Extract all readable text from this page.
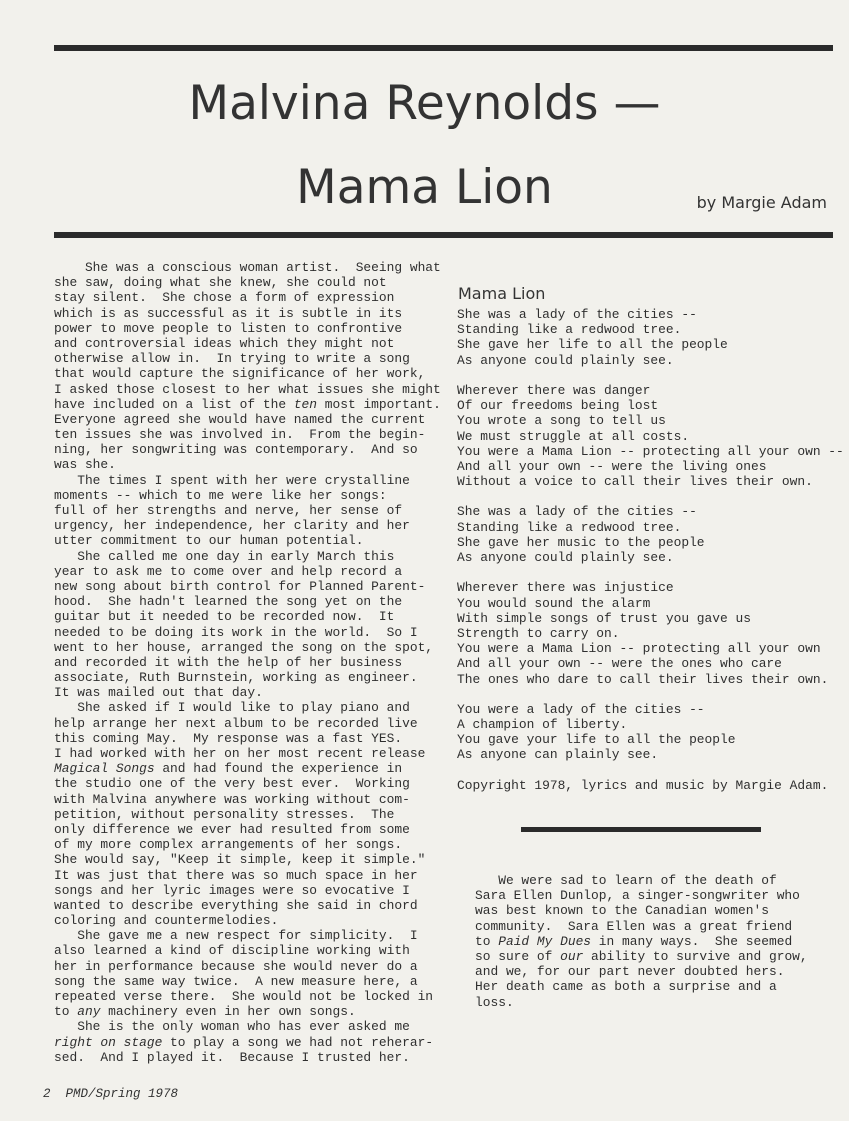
Malvina Reynolds —
Mama Lion	by Margie Adam
She was a conscious woman artist.  Seeing what
she saw, doing what she knew, she could not
stay silent.  She chose a form of expression
which is as successful as it is subtle in its
power to move people to listen to confrontive
and controversial ideas which they might not
otherwise allow in.  In trying to write a song
that would capture the significance of her work,
I asked those closest to her what issues she might
have included on a list of the ten most important.
Everyone agreed she would have named the current
ten issues she was involved in.  From the begin-
ning, her songwriting was contemporary.  And so
was she.
The times I spent with her were crystalline
moments -- which to me were like her songs:
full of her strengths and nerve, her sense of
urgency, her independence, her clarity and her
utter commitment to our human potential.
She called me one day in early March this
year to ask me to come over and help record a
new song about birth control for Planned Parent-
hood.  She hadn't learned the song yet on the
guitar but it needed to be recorded now.  It
needed to be doing its work in the world.  So I
went to her house, arranged the song on the spot,
and recorded it with the help of her business
associate, Ruth Burnstein, working as engineer.
It was mailed out that day.
She asked if I would like to play piano and
help arrange her next album to be recorded live
this coming May.  My response was a fast YES.
I had worked with her on her most recent release
Magical Songs and had found the experience in
the studio one of the very best ever.  Working
with Malvina anywhere was working without com-
petition, without personality stresses.  The
only difference we ever had resulted from some
of my more complex arrangements of her songs.
She would say, "Keep it simple, keep it simple."
It was just that there was so much space in her
songs and her lyric images were so evocative I
wanted to describe everything she said in chord
coloring and countermelodies.
She gave me a new respect for simplicity.  I
also learned a kind of discipline working with
her in performance because she would never do a
song the same way twice.  A new measure here, a
repeated verse there.  She would not be locked in
to any machinery even in her own songs.
She is the only woman who has ever asked me
right on stage to play a song we had not reherar-
sed.  And I played it.  Because I trusted her.
Mama Lion
She was a lady of the cities --
Standing like a redwood tree.
She gave her life to all the people
As anyone could plainly see.
Wherever there was danger
Of our freedoms being lost
You wrote a song to tell us
We must struggle at all costs.
You were a Mama Lion -- protecting all your own --
And all your own -- were the living ones
Without a voice to call their lives their own.
She was a lady of the cities --
Standing like a redwood tree.
She gave her music to the people
As anyone could plainly see.
Wherever there was injustice
You would sound the alarm
With simple songs of trust you gave us
Strength to carry on.
You were a Mama Lion -- protecting all your own
And all your own -- were the ones who care
The ones who dare to call their lives their own.
You were a lady of the cities --
A champion of liberty.
You gave your life to all the people
As anyone can plainly see.
Copyright 1978, lyrics and music by Margie Adam.
We were sad to learn of the death of
Sara Ellen Dunlop, a singer-songwriter who
was best known to the Canadian women's
community.  Sara Ellen was a great friend
to Paid My Dues in many ways.  She seemed
so sure of our ability to survive and grow,
and we, for our part never doubted hers.
Her death came as both a surprise and a
loss.
2 PMD/Spring 1978
